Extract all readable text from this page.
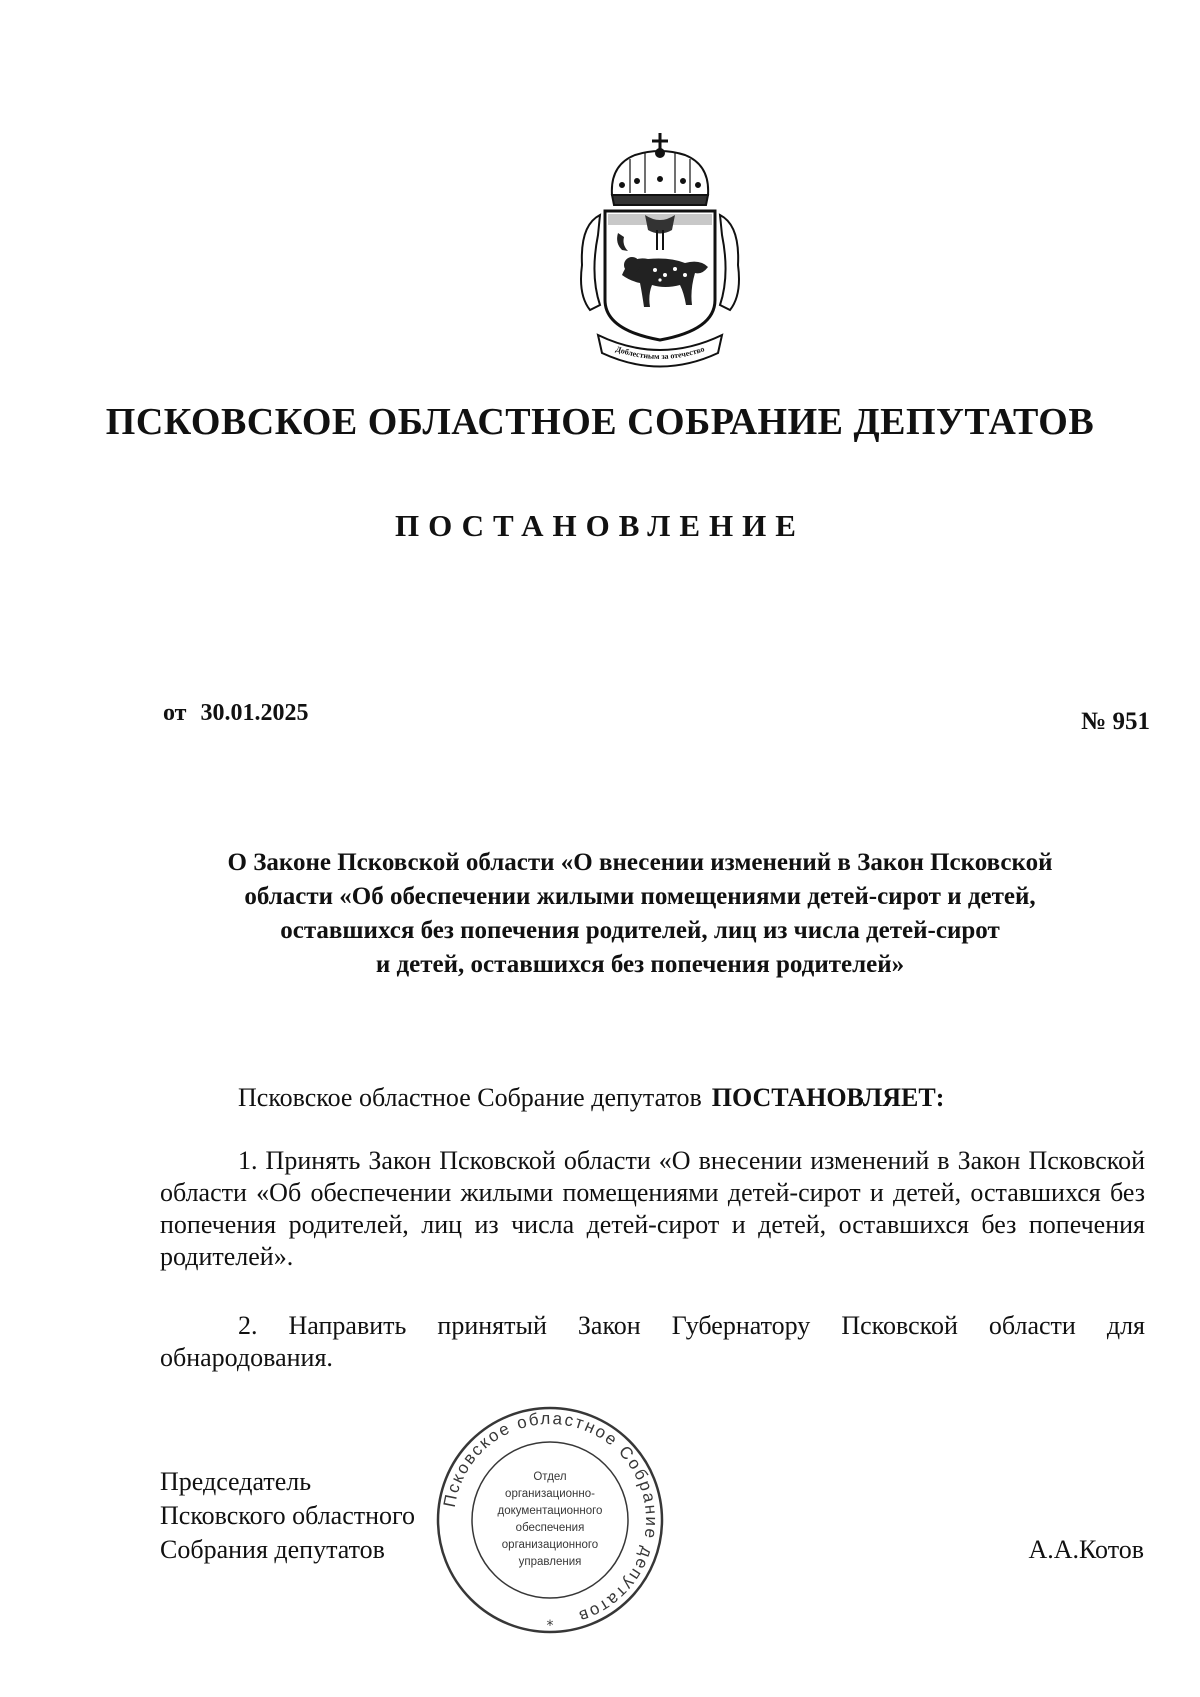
Доблестным за отечество
ПСКОВСКОЕ ОБЛАСТНОЕ СОБРАНИЕ ДЕПУТАТОВ
ПОСТАНОВЛЕНИЕ
от 30.01.2025	№ 951
О Законе Псковской области «О внесении изменений в Закон Псковской
области «Об обеспечении жилыми помещениями детей-сирот и детей,
оставшихся без попечения родителей, лиц из числа детей-сирот
и детей, оставшихся без попечения родителей»
Псковское областное Собрание депутатов ПОСТАНОВЛЯЕТ:
1. Принять Закон Псковской области «О внесении изменений в Закон Псковской области «Об обеспечении жилыми помещениями детей-сирот и детей, оставшихся без попечения родителей, лиц из числа детей-сирот и детей, оставшихся без попечения родителей».
2. Направить принятый Закон Губернатору Псковской области для обнародования.
Председатель
Псковского областного
Собрания депутатов	А.А.Котов
Псковское областное Собрание депутатов
*
Отдел
организационно-
документационного
обеспечения
организационного
управления
